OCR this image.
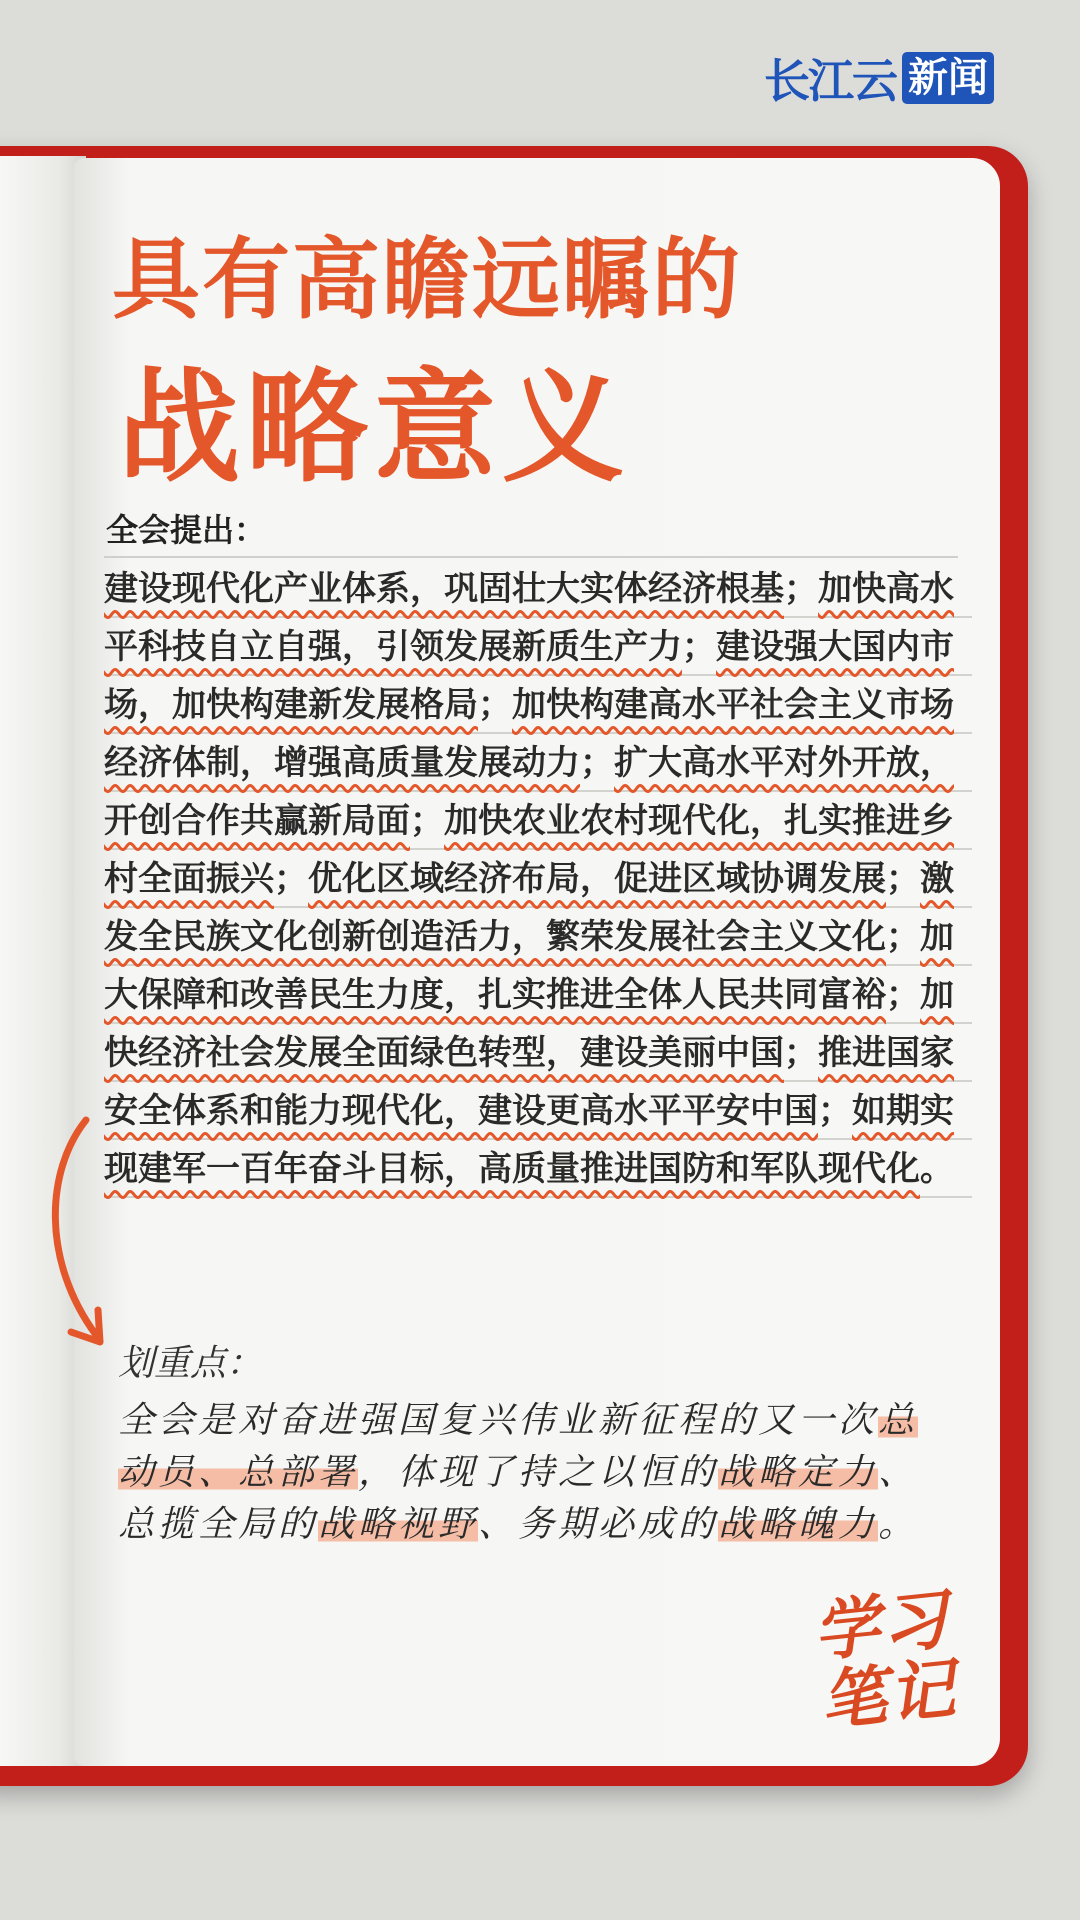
长江云 新闻
具有高瞻远瞩的
战略意义
全会提出：
建设现代化产业体系，巩固壮大实体经济根基；加快高水平科技自立自强，引领发展新质生产力；建设强大国内市场，加快构建新发展格局；加快构建高水平社会主义市场经济体制，增强高质量发展动力；扩大高水平对外开放，开创合作共赢新局面；加快农业农村现代化，扎实推进乡村全面振兴；优化区域经济布局，促进区域协调发展；激发全民族文化创新创造活力，繁荣发展社会主义文化；加大保障和改善民生力度，扎实推进全体人民共同富裕；加快经济社会发展全面绿色转型，建设美丽中国；推进国家安全体系和能力现代化，建设更高水平平安中国；如期实现建军一百年奋斗目标，高质量推进国防和军队现代化。
划重点：
全会是对奋进强国复兴伟业新征程的又一次总动员、总部署，体现了持之以恒的战略定力、总揽全局的战略视野、务期必成的战略魄力。
学习
笔记
